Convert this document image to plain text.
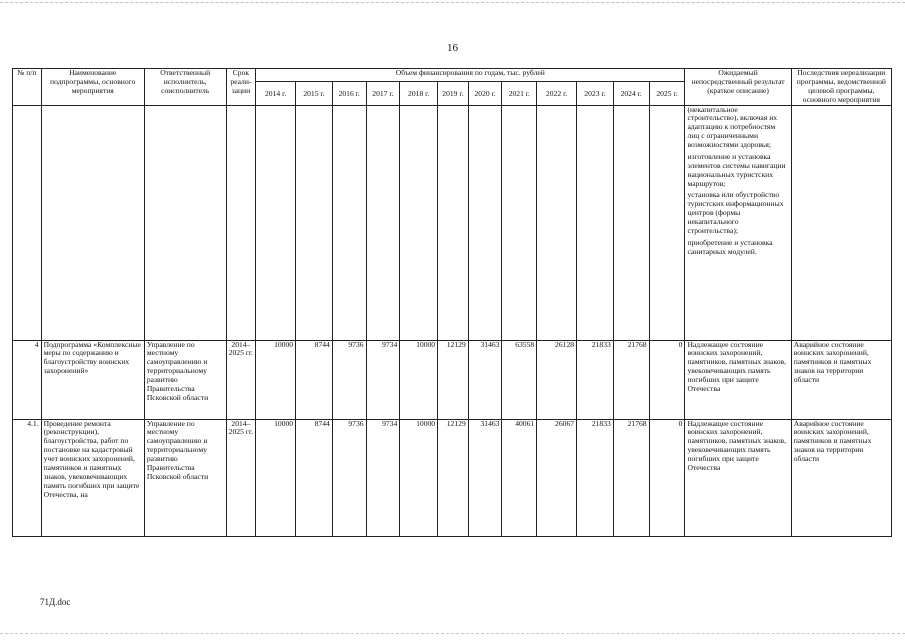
16
№ п/п	Наименование подпрограммы, основного мероприятия	Ответственный исполнитель, соисполнитель	Срок реали-зации	Объем финансирования по годам, тыс. рублей												Ожидаемый непосредственный результат (краткое описание)	Последствия нереализации программы, ведомственной целевой программы, основного мероприятия
				2014 г.	2015 г.	2016 г.	2017 г.	2018 г.	2019 г.	2020 г.	2021 г.	2022 г.	2023 г.	2024 г.	2025 г.		

																(некапитальное строительство), включая их адаптацию к потребностям лиц с ограниченными возможностями здоровья;
изготовление и установка элементов системы навигации национальных туристских маршрутов;
установка или обустройство туристских информационных центров (формы некапитального строительства);
приобретение и установка санитарных модулей.	

4	Подпрограмма «Комплексные меры по содержанию и благоустройству воинских захоронений»	Управление по местному самоуправлению и территориальному развитию Правительства Псковской области	2014–2025 гг.	10000	8744	9736	9734	10000	12129	31463	63558	26128	21833	21768	0	Надлежащее состояние воинских захоронений, памятников, памятных знаков, увековечивающих память погибших при защите Отечества	Аварийное состояние воинских захоронений, памятников и памятных знаков на территории области
4.1.	Проведение ремонта (реконструкции), благоустройства, работ по постановке на кадастровый учет воинских захоронений, памятников и памятных знаков, увековечивающих память погибших при защите Отечества, на	Управление по местному самоуправлению и территориальному развитию Правительства Псковской области	2014–2025 гг.	10000	8744	9736	9734	10000	12129	31463	40061	26067	21833	21768	0	Надлежащее состояние воинских захоронений, памятников, памятных знаков, увековечивающих память погибших при защите Отечества	Аварийное состояние воинских захоронений, памятников и памятных знаков на территории области
71Д.doc
